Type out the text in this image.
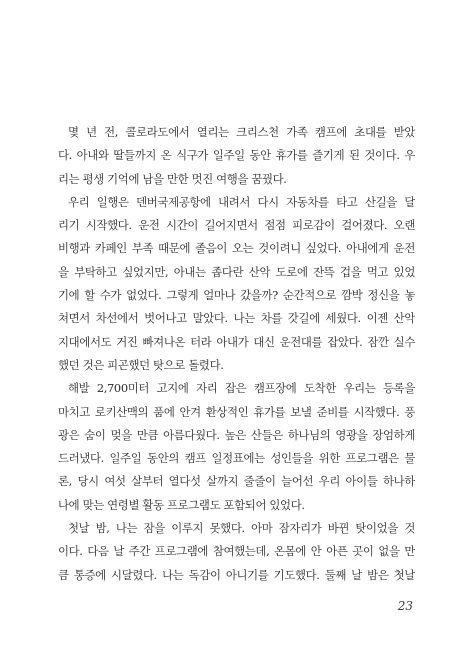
몇 년 전, 콜로라도에서 열리는 크리스천 가족 캠프에 초대를 받았
다. 아내와 딸들까지 온 식구가 일주일 동안 휴가를 즐기게 된 것이다. 우
리는 평생 기억에 남을 만한 멋진 여행을 꿈꿨다.
우리 일행은 덴버국제공항에 내려서 다시 자동차를 타고 산길을 달
리기 시작했다. 운전 시간이 길어지면서 점점 피로감이 걸어졌다. 오랜
비행과 카페인 부족 때문에 졸음이 오는 것이려니 싶었다. 아내에게 운전
을 부탁하고 싶었지만, 아내는 좁다란 산악 도로에 잔뜩 겁을 먹고 있었
기에 할 수가 없었다. 그렇게 얼마나 갔을까? 순간적으로 깜박 정신을 놓
쳐면서 차선에서 벗어나고 말았다. 나는 차를 갓길에 세웠다. 이젠 산악
지대에서도 거진 빠져나온 터라 아내가 대신 운전대를 잡았다. 잠깐 실수
했던 것은 피곤했던 탓으로 돌렸다.
해발 2,700미터 고지에 자리 잡은 캠프장에 도착한 우리는 등록을
마치고 로키산맥의 품에 안겨 환상적인 휴가를 보낼 준비를 시작했다. 풍
광은 숨이 멎을 만큼 아름다웠다. 높은 산들은 하나님의 영광을 장엄하게
드러냈다. 일주일 동안의 캠프 일정표에는 성인들을 위한 프로그램은 물
론, 당시 여섯 살부터 열다섯 살까지 줄줄이 늘어선 우리 아이들 하나하
나에 맞는 연령별 활동 프로그램도 포함되어 있었다.
첫날 밤, 나는 잠을 이루지 못했다. 아마 잠자리가 바뀐 탓이었을 것
이다. 다음 날 주간 프로그램에 참여했는데, 온몸에 안 아픈 곳이 없을 만
큼 통증에 시달렸다. 나는 독감이 아니기를 기도했다. 둘째 날 밤은 첫날
23
